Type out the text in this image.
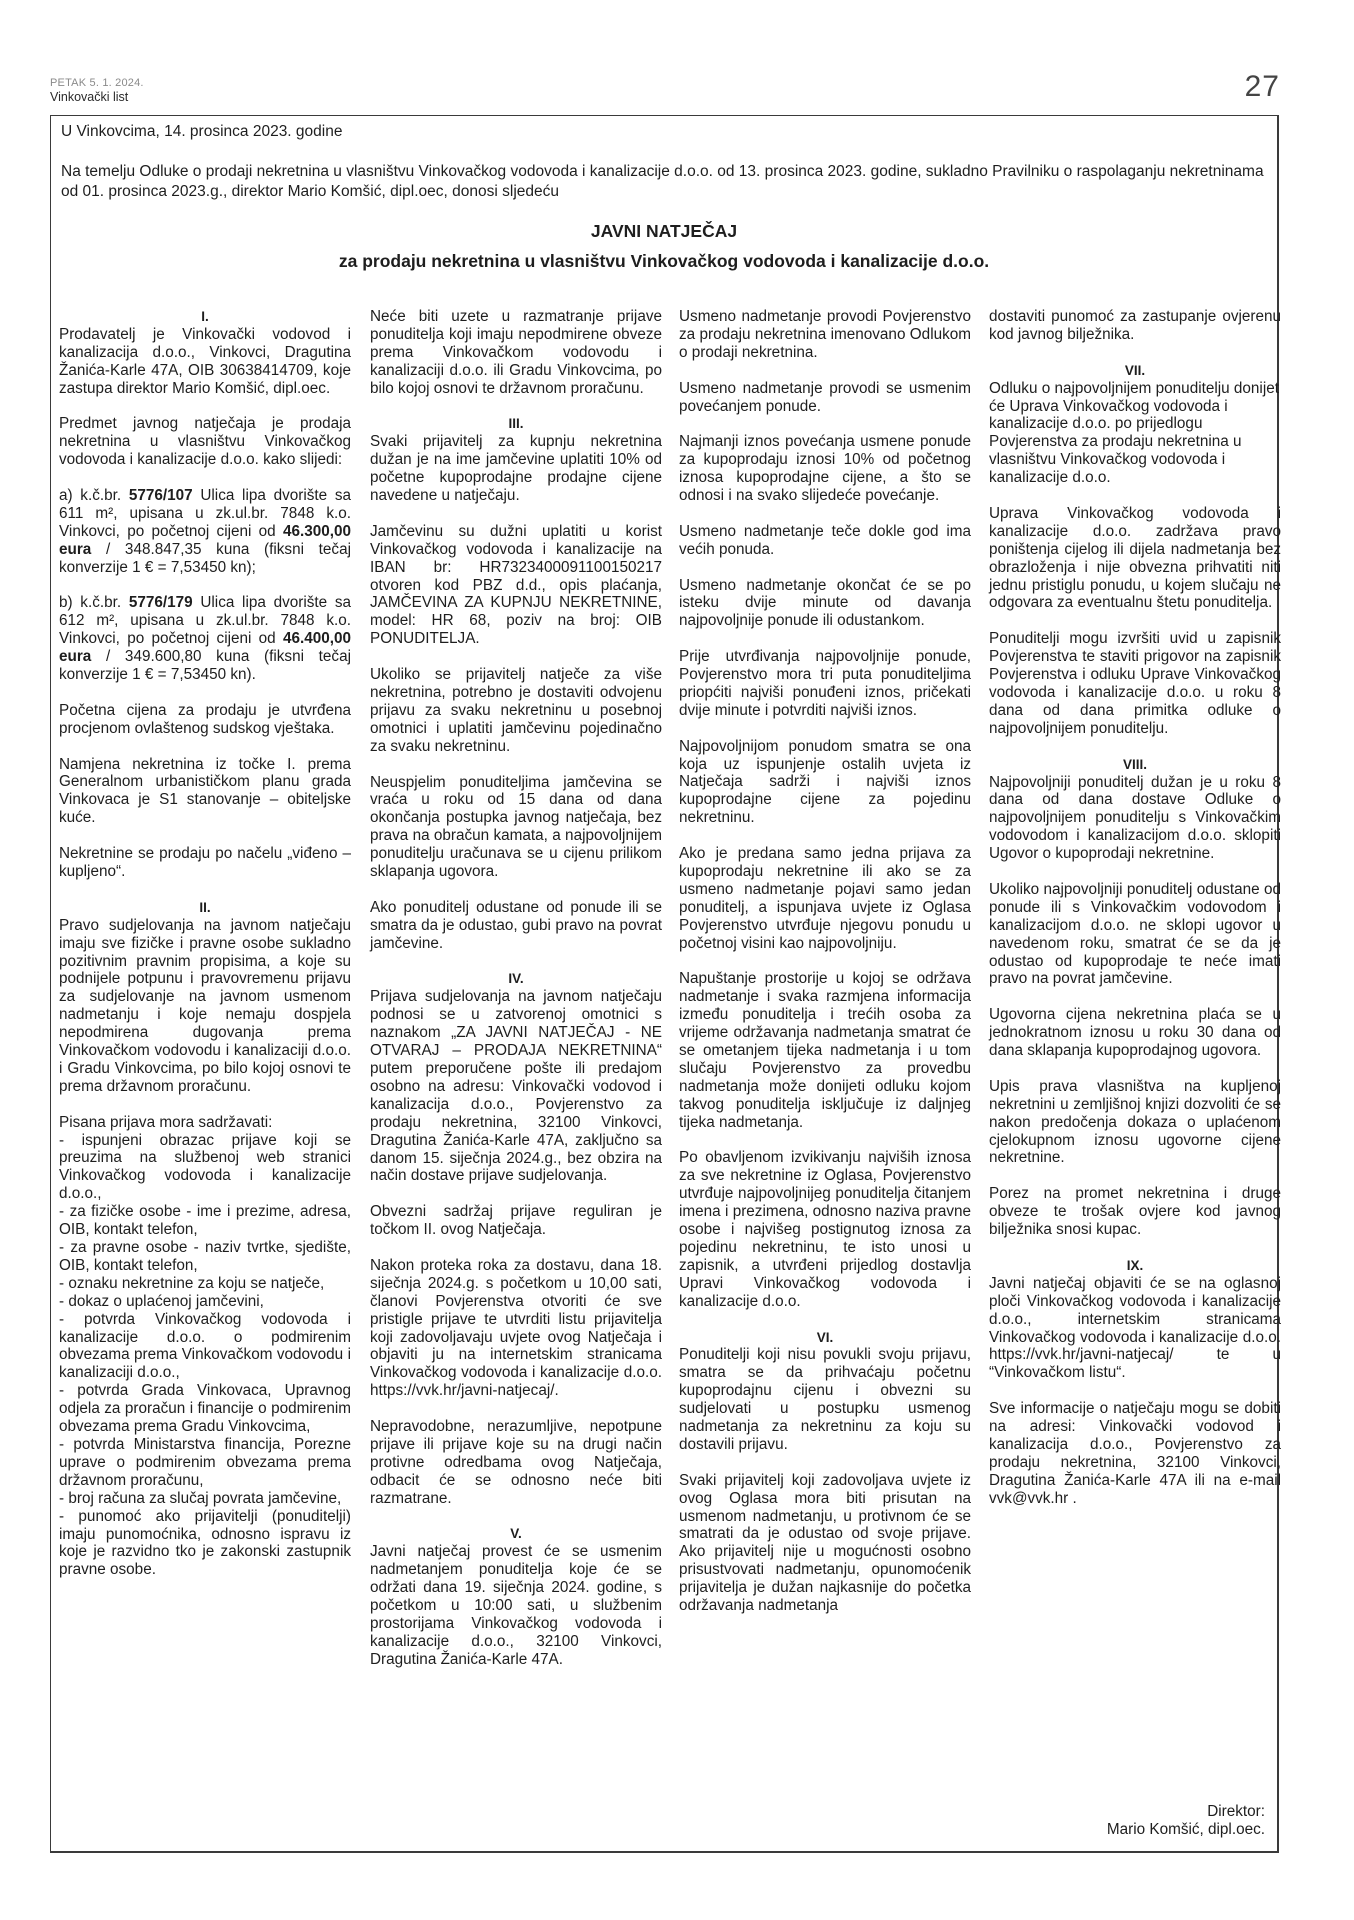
PETAK 5. 1. 2024.
Vinkovački list	27
U Vinkovcima, 14. prosinca 2023. godine
Na temelju Odluke o prodaji nekretnina u vlasništvu Vinkovačkog vodovoda i kanalizacije d.o.o. od 13. prosinca 2023. godine, sukladno Pravilniku o raspolaganju nekretninama od 01. prosinca 2023.g., direktor Mario Komšić, dipl.oec, donosi sljedeću
JAVNI NATJEČAJ
za prodaju nekretnina u vlasništvu Vinkovačkog vodovoda i kanalizacije d.o.o.

I.

Prodavatelj je Vinkovački vodovod i kanalizacija d.o.o., Vinkovci, Dragutina Žanića-Karle 47A, OIB 30638414709, koje zastupa direktor Mario Komšić, dipl.oec.

Predmet javnog natječaja je prodaja nekretnina u vlasništvu Vinkovačkog vodovoda i kanalizacije d.o.o. kako slijedi:

a) k.č.br. 5776/107 Ulica lipa dvorište sa 611 m², upisana u zk.ul.br. 7848 k.o. Vinkovci, po početnoj cijeni od 46.300,00 eura / 348.847,35 kuna (fiksni tečaj konverzije 1 € = 7,53450 kn);

b) k.č.br. 5776/179 Ulica lipa dvorište sa 612 m², upisana u zk.ul.br. 7848 k.o. Vinkovci, po početnoj cijeni od 46.400,00 eura / 349.600,80 kuna (fiksni tečaj konverzije 1 € = 7,53450 kn).

Početna cijena za prodaju je utvrđena procjenom ovlaštenog sudskog vještaka.

Namjena nekretnina iz točke I. prema Generalnom urbanističkom planu grada Vinkovaca je S1 stanovanje – obiteljske kuće.

Nekretnine se prodaju po načelu „viđeno – kupljeno“.

II.

Pravo sudjelovanja na javnom natječaju imaju sve fizičke i pravne osobe sukladno pozitivnim pravnim propisima, a koje su podnijele potpunu i pravovremenu prijavu za sudjelovanje na javnom usmenom nadmetanju i koje nemaju dospjela nepodmirena dugovanja prema Vinkovačkom vodovodu i kanalizaciji d.o.o. i Gradu Vinkovcima, po bilo kojoj osnovi te prema državnom proračunu.

Pisana prijava mora sadržavati:

- ispunjeni obrazac prijave koji se preuzima na službenoj web stranici Vinkovačkog vodovoda i kanalizacije d.o.o.,

- za fizičke osobe - ime i prezime, adresa, OIB, kontakt telefon,

- za pravne osobe - naziv tvrtke, sjedište, OIB, kontakt telefon,

- oznaku nekretnine za koju se natječe,

- dokaz o uplaćenoj jamčevini,

- potvrda Vinkovačkog vodovoda i kanalizacije d.o.o. o podmirenim obvezama prema Vinkovačkom vodovodu i kanalizaciji d.o.o.,

- potvrda Grada Vinkovaca, Upravnog odjela za proračun i financije o podmirenim obvezama prema Gradu Vinkovcima,

- potvrda Ministarstva financija, Porezne uprave o podmirenim obvezama prema državnom proračunu,

- broj računa za slučaj povrata jamčevine,

- punomoć ako prijavitelji (ponuditelji) imaju punomoćnika, odnosno ispravu iz koje je razvidno tko je zakonski zastupnik pravne osobe.

Neće biti uzete u razmatranje prijave ponuditelja koji imaju nepodmirene obveze prema Vinkovačkom vodovodu i kanalizaciji d.o.o. ili Gradu Vinkovcima, po bilo kojoj osnovi te državnom proračunu.

III.

Svaki prijavitelj za kupnju nekretnina dužan je na ime jamčevine uplatiti 10% od početne kupoprodajne prodajne cijene navedene u natječaju.

Jamčevinu su dužni uplatiti u korist Vinkovačkog vodovoda i kanalizacije na IBAN br: HR7323400091100150217 otvoren kod PBZ d.d., opis plaćanja, JAMČEVINA ZA KUPNJU NEKRETNINE, model: HR 68, poziv na broj: OIB PONUDITELJA.

Ukoliko se prijavitelj natječe za više nekretnina, potrebno je dostaviti odvojenu prijavu za svaku nekretninu u posebnoj omotnici i uplatiti jamčevinu pojedinačno za svaku nekretninu.

Neuspjelim ponuditeljima jamčevina se vraća u roku od 15 dana od dana okončanja postupka javnog natječaja, bez prava na obračun kamata, a najpovoljnijem ponuditelju uračunava se u cijenu prilikom sklapanja ugovora.

Ako ponuditelj odustane od ponude ili se smatra da je odustao, gubi pravo na povrat jamčevine.

IV.

Prijava sudjelovanja na javnom natječaju podnosi se u zatvorenoj omotnici s naznakom „ZA JAVNI NATJEČAJ - NE OTVARAJ – PRODAJA NEKRETNINA“ putem preporučene pošte ili predajom osobno na adresu: Vinkovački vodovod i kanalizacija d.o.o., Povjerenstvo za prodaju nekretnina, 32100 Vinkovci, Dragutina Žanića-Karle 47A, zaključno sa danom 15. siječnja 2024.g., bez obzira na način dostave prijave sudjelovanja.

Obvezni sadržaj prijave reguliran je točkom II. ovog Natječaja.

Nakon proteka roka za dostavu, dana 18. siječnja 2024.g. s početkom u 10,00 sati, članovi Povjerenstva otvoriti će sve pristigle prijave te utvrditi listu prijavitelja koji zadovoljavaju uvjete ovog Natječaja i objaviti ju na internetskim stranicama Vinkovačkog vodovoda i kanalizacije d.o.o. https://vvk.hr/javni-natjecaj/.

Nepravodobne, nerazumljive, nepotpune prijave ili prijave koje su na drugi način protivne odredbama ovog Natječaja, odbacit će se odnosno neće biti razmatrane.

V.

Javni natječaj provest će se usmenim nadmetanjem ponuditelja koje će se održati dana 19. siječnja 2024. godine, s početkom u 10:00 sati, u službenim prostorijama Vinkovačkog vodovoda i kanalizacije d.o.o., 32100 Vinkovci, Dragutina Žanića-Karle 47A.

Usmeno nadmetanje provodi Povjerenstvo za prodaju nekretnina imenovano Odlukom o prodaji nekretnina.

Usmeno nadmetanje provodi se usmenim povećanjem ponude.

Najmanji iznos povećanja usmene ponude za kupoprodaju iznosi 10% od početnog iznosa kupoprodajne cijene, a što se odnosi i na svako slijedeće povećanje.

Usmeno nadmetanje teče dokle god ima većih ponuda.

Usmeno nadmetanje okončat će se po isteku dvije minute od davanja najpovoljnije ponude ili odustankom.

Prije utvrđivanja najpovoljnije ponude, Povjerenstvo mora tri puta ponuditeljima priopćiti najviši ponuđeni iznos, pričekati dvije minute i potvrditi najviši iznos.

Najpovoljnijom ponudom smatra se ona koja uz ispunjenje ostalih uvjeta iz Natječaja sadrži i najviši iznos kupoprodajne cijene za pojedinu nekretninu.

Ako je predana samo jedna prijava za kupoprodaju nekretnine ili ako se za usmeno nadmetanje pojavi samo jedan ponuditelj, a ispunjava uvjete iz Oglasa Povjerenstvo utvrđuje njegovu ponudu u početnoj visini kao najpovoljniju.

Napuštanje prostorije u kojoj se održava nadmetanje i svaka razmjena informacija između ponuditelja i trećih osoba za vrijeme održavanja nadmetanja smatrat će se ometanjem tijeka nadmetanja i u tom slučaju Povjerenstvo za provedbu nadmetanja može donijeti odluku kojom takvog ponuditelja isključuje iz daljnjeg tijeka nadmetanja.

Po obavljenom izvikivanju najviših iznosa za sve nekretnine iz Oglasa, Povjerenstvo utvrđuje najpovoljnijeg ponuditelja čitanjem imena i prezimena, odnosno naziva pravne osobe i najvišeg postignutog iznosa za pojedinu nekretninu, te isto unosi u zapisnik, a utvrđeni prijedlog dostavlja Upravi Vinkovačkog vodovoda i kanalizacije d.o.o.

VI.

Ponuditelji koji nisu povukli svoju prijavu, smatra se da prihvaćaju početnu kupoprodajnu cijenu i obvezni su sudjelovati u postupku usmenog nadmetanja za nekretninu za koju su dostavili prijavu.

Svaki prijavitelj koji zadovoljava uvjete iz ovog Oglasa mora biti prisutan na usmenom nadmetanju, u protivnom će se smatrati da je odustao od svoje prijave. Ako prijavitelj nije u mogućnosti osobno prisustvovati nadmetanju, opunomoćenik prijavitelja je dužan najkasnije do početka održavanja nadmetanja

dostaviti punomoć za zastupanje ovjerenu kod javnog bilježnika.

VII.

Odluku o najpovoljnijem ponuditelju donijet će Uprava Vinkovačkog vodovoda i kanalizacije d.o.o. po prijedlogu Povjerenstva za prodaju nekretnina u vlasništvu Vinkovačkog vodovoda i kanalizacije d.o.o.

Uprava Vinkovačkog vodovoda i kanalizacije d.o.o. zadržava pravo poništenja cijelog ili dijela nadmetanja bez obrazloženja i nije obvezna prihvatiti niti jednu pristiglu ponudu, u kojem slučaju ne odgovara za eventualnu štetu ponuditelja.

Ponuditelji mogu izvršiti uvid u zapisnik Povjerenstva te staviti prigovor na zapisnik Povjerenstva i odluku Uprave Vinkovačkog vodovoda i kanalizacije d.o.o. u roku 8 dana od dana primitka odluke o najpovoljnijem ponuditelju.

VIII.

Najpovoljniji ponuditelj dužan je u roku 8 dana od dana dostave Odluke o najpovoljnijem ponuditelju s Vinkovačkim vodovodom i kanalizacijom d.o.o. sklopiti Ugovor o kupoprodaji nekretnine.

Ukoliko najpovoljniji ponuditelj odustane od ponude ili s Vinkovačkim vodovodom i kanalizacijom d.o.o. ne sklopi ugovor u navedenom roku, smatrat će se da je odustao od kupoprodaje te neće imati pravo na povrat jamčevine.

Ugovorna cijena nekretnina plaća se u jednokratnom iznosu u roku 30 dana od dana sklapanja kupoprodajnog ugovora.

Upis prava vlasništva na kupljenoj nekretnini u zemljišnoj knjizi dozvoliti će se nakon predočenja dokaza o uplaćenom cjelokupnom iznosu ugovorne cijene nekretnine.

Porez na promet nekretnina i druge obveze te trošak ovjere kod javnog bilježnika snosi kupac.

IX.

Javni natječaj objaviti će se na oglasnoj ploči Vinkovačkog vodovoda i kanalizacije d.o.o., internetskim stranicama Vinkovačkog vodovoda i kanalizacije d.o.o. https://vvk.hr/javni-natjecaj/ te u “Vinkovačkom listu“.

Sve informacije o natječaju mogu se dobiti na adresi: Vinkovački vodovod i kanalizacija d.o.o., Povjerenstvo za prodaju nekretnina, 32100 Vinkovci, Dragutina Žanića-Karle 47A ili na e-mail vvk@vvk.hr .

Direktor:
Mario Komšić, dipl.oec.
